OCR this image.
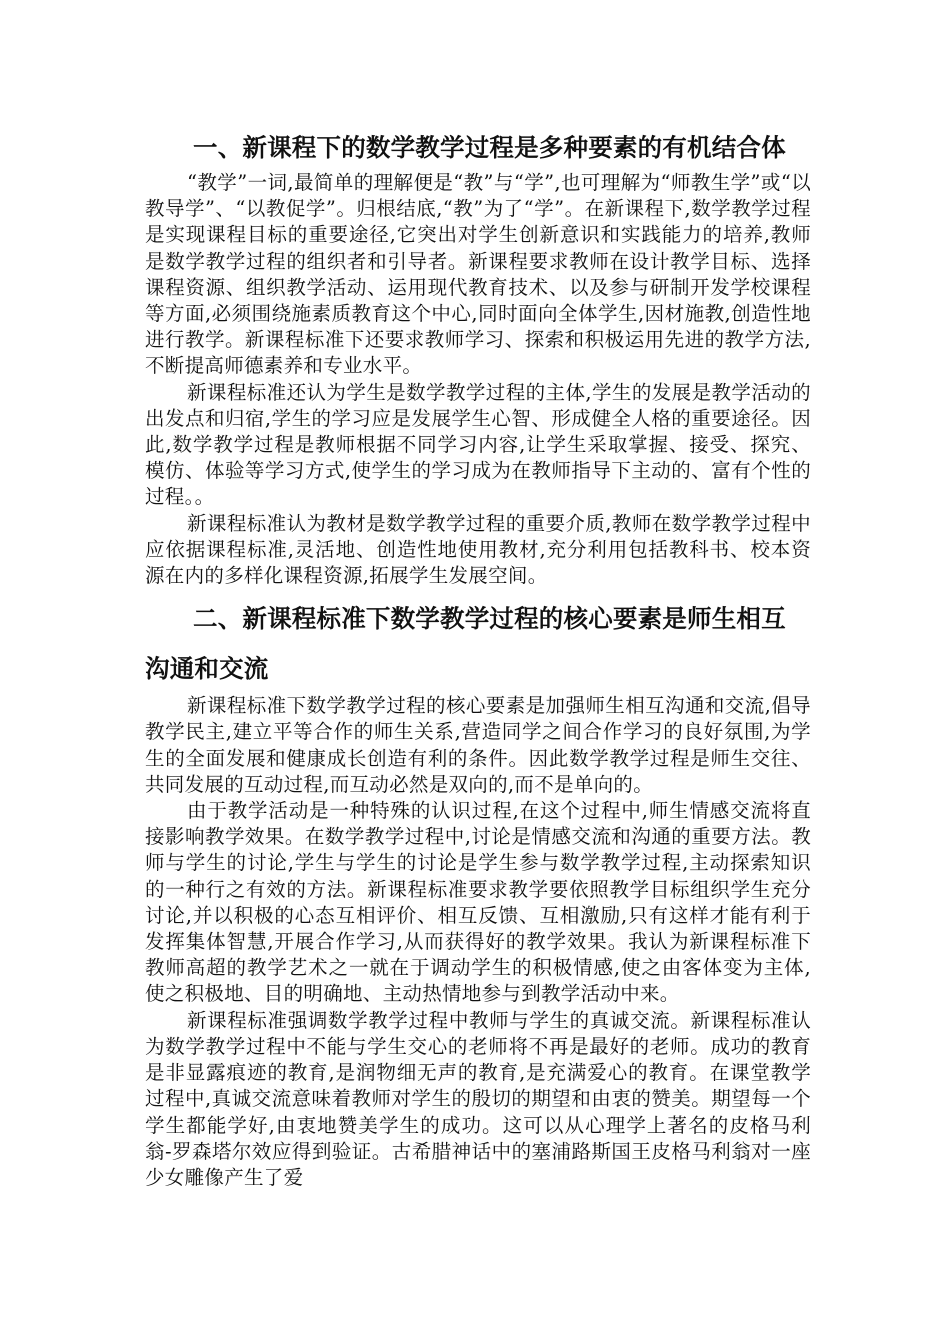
一、新课程下的数学教学过程是多种要素的有机结合体

“教学”一词,最简单的理解便是“教”与“学”,也可理解为“师教生学”或“以教导学”、“以教促学”。归根结底,“教”为了“学”。在新课程下,数学教学过程是实现课程目标的重要途径,它突出对学生创新意识和实践能力的培养,教师是数学教学过程的组织者和引导者。新课程要求教师在设计教学目标、选择课程资源、组织教学活动、运用现代教育技术、以及参与研制开发学校课程等方面,必须围绕施素质教育这个中心,同时面向全体学生,因材施教,创造性地进行教学。新课程标准下还要求教师学习、探索和积极运用先进的教学方法,不断提高师德素养和专业水平。

新课程标准还认为学生是数学教学过程的主体,学生的发展是教学活动的出发点和归宿,学生的学习应是发展学生心智、形成健全人格的重要途径。因此,数学教学过程是教师根据不同学习内容,让学生采取掌握、接受、探究、模仿、体验等学习方式,使学生的学习成为在教师指导下主动的、富有个性的过程。。

新课程标准认为教材是数学教学过程的重要介质,教师在数学教学过程中应依据课程标准,灵活地、创造性地使用教材,充分利用包括教科书、校本资源在内的多样化课程资源,拓展学生发展空间。

二、新课程标准下数学教学过程的核心要素是师生相互
沟通和交流

新课程标准下数学教学过程的核心要素是加强师生相互沟通和交流,倡导教学民主,建立平等合作的师生关系,营造同学之间合作学习的良好氛围,为学生的全面发展和健康成长创造有利的条件。因此数学教学过程是师生交往、共同发展的互动过程,而互动必然是双向的,而不是单向的。

由于教学活动是一种特殊的认识过程,在这个过程中,师生情感交流将直接影响教学效果。在数学教学过程中,讨论是情感交流和沟通的重要方法。教师与学生的讨论,学生与学生的讨论是学生参与数学教学过程,主动探索知识的一种行之有效的方法。新课程标准要求教学要依照教学目标组织学生充分讨论,并以积极的心态互相评价、相互反馈、互相激励,只有这样才能有利于发挥集体智慧,开展合作学习,从而获得好的教学效果。我认为新课程标准下教师高超的教学艺术之一就在于调动学生的积极情感,使之由客体变为主体,使之积极地、目的明确地、主动热情地参与到教学活动中来。

新课程标准强调数学教学过程中教师与学生的真诚交流。新课程标准认为数学教学过程中不能与学生交心的老师将不再是最好的老师。成功的教育是非显露痕迹的教育,是润物细无声的教育,是充满爱心的教育。在课堂教学过程中,真诚交流意味着教师对学生的殷切的期望和由衷的赞美。期望每一个学生都能学好,由衷地赞美学生的成功。这可以从心理学上著名的皮格马利翁-罗森塔尔效应得到验证。古希腊神话中的塞浦路斯国王皮格马利翁对一座少女雕像产生了爱
